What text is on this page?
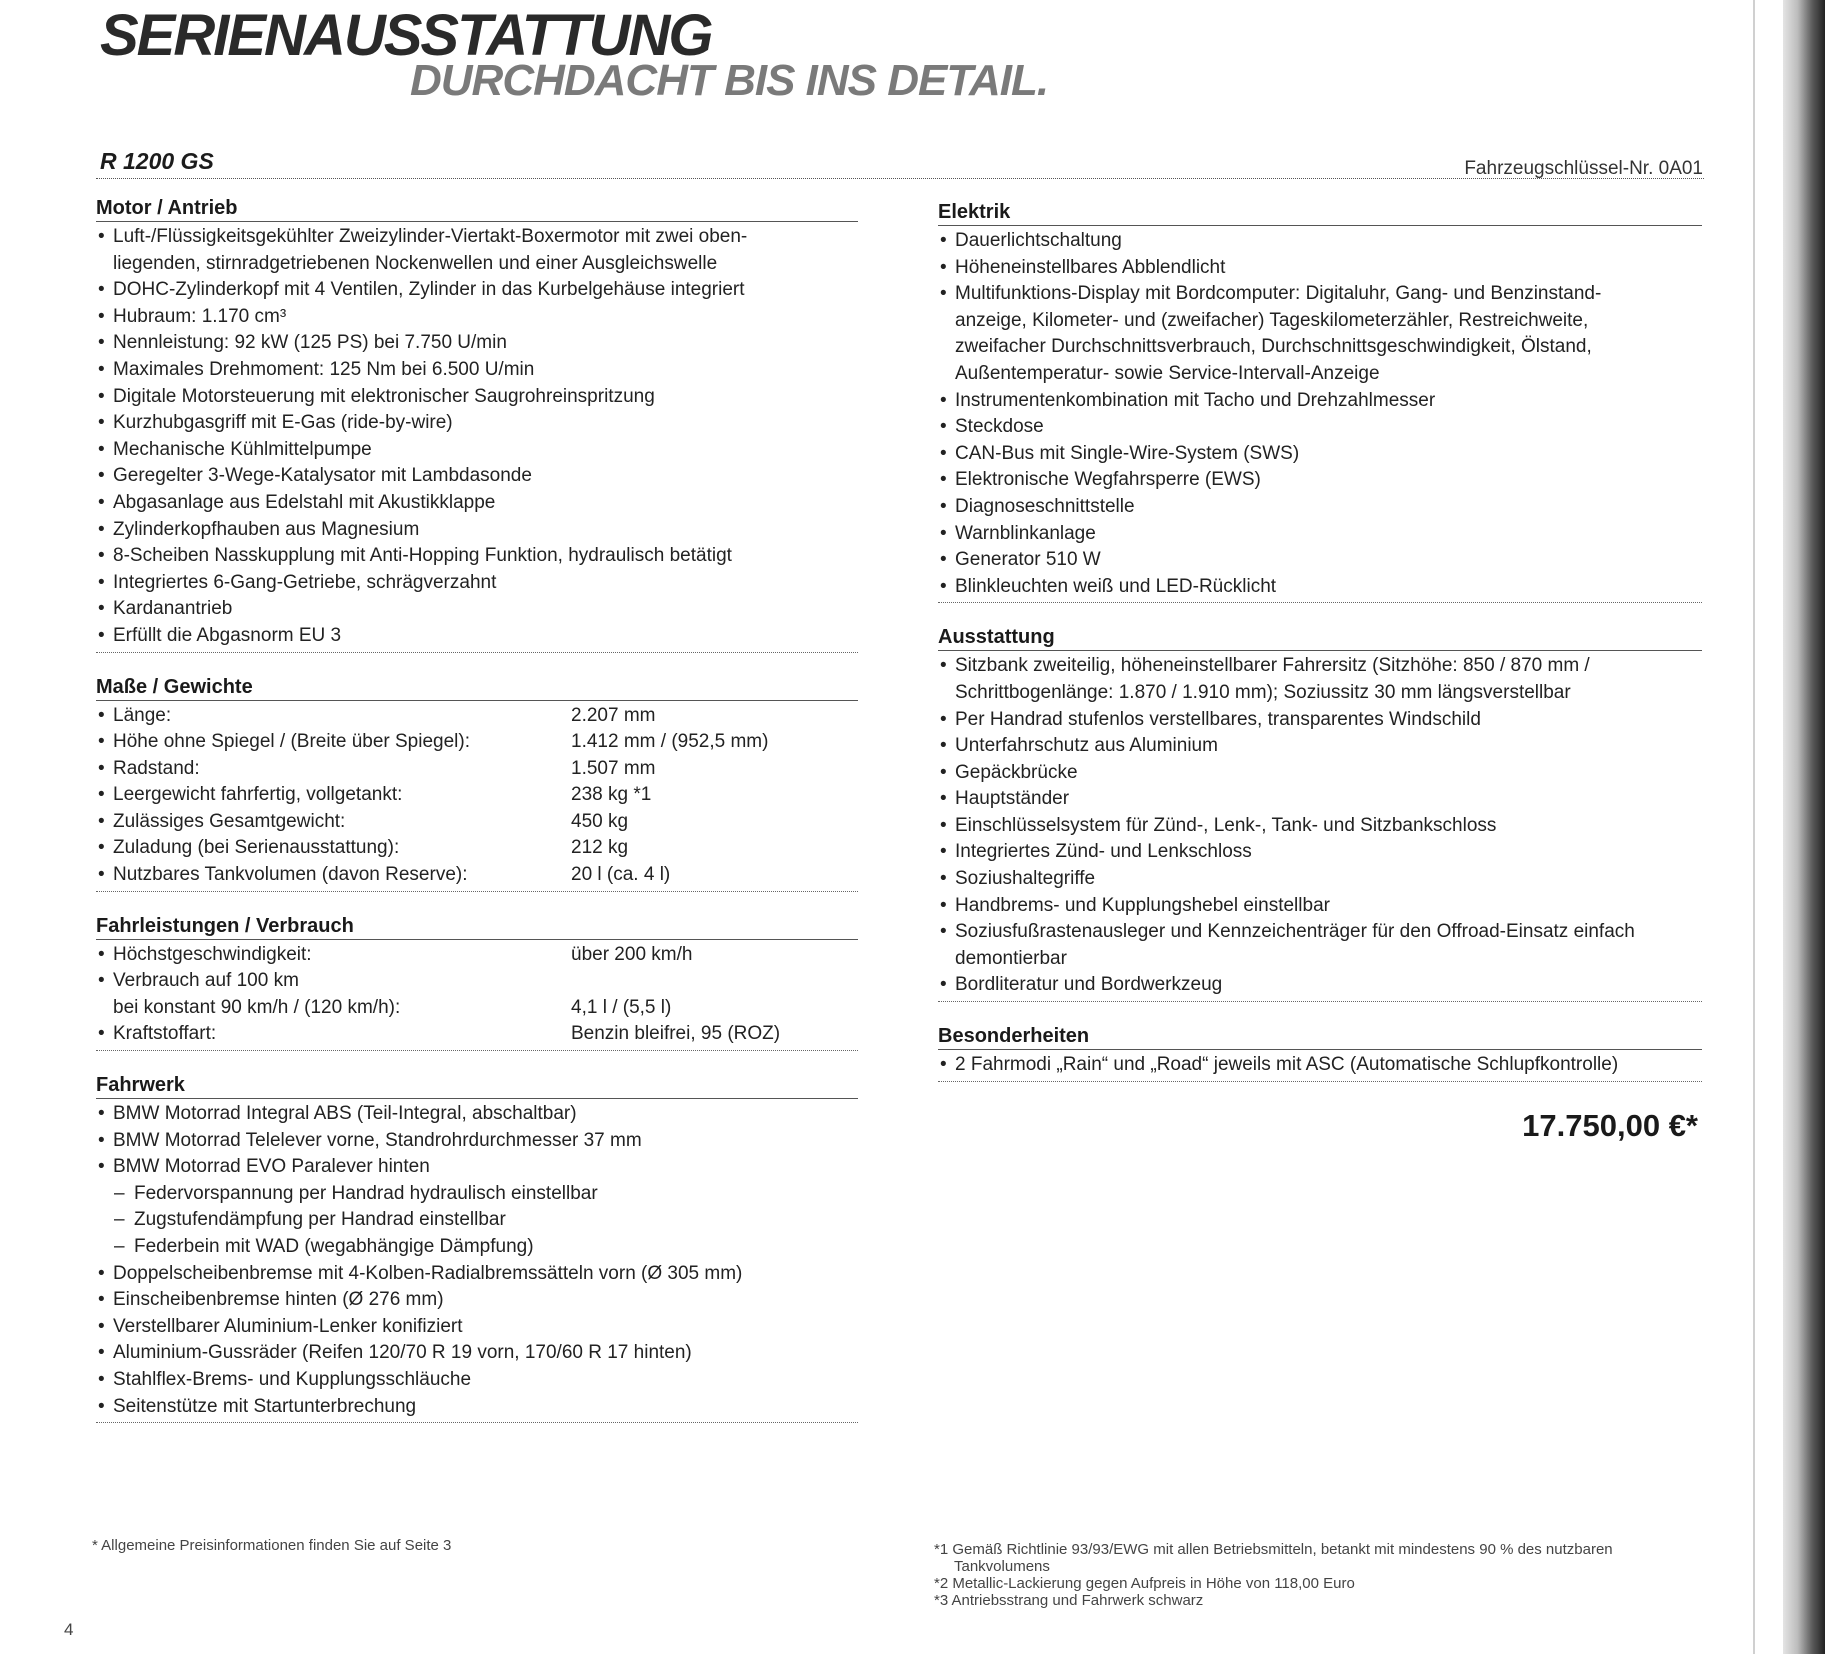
SERIENAUSSTATTUNG
DURCHDACHT BIS INS DETAIL.
R 1200 GS	Fahrzeugschlüssel-Nr. 0A01
Motor / Antrieb
• Luft-/Flüssigkeitsgekühlter Zweizylinder-Viertakt-Boxermotor mit zwei oben-
liegenden, stirnradgetriebenen Nockenwellen und einer Ausgleichswelle
• DOHC-Zylinderkopf mit 4 Ventilen, Zylinder in das Kurbelgehäuse integriert
• Hubraum: 1.170 cm³
• Nennleistung: 92 kW (125 PS) bei 7.750 U/min
• Maximales Drehmoment: 125 Nm bei 6.500 U/min
• Digitale Motorsteuerung mit elektronischer Saugrohreinspritzung
• Kurzhubgasgriff mit E-Gas (ride-by-wire)
• Mechanische Kühlmittelpumpe
• Geregelter 3-Wege-Katalysator mit Lambdasonde
• Abgasanlage aus Edelstahl mit Akustikklappe
• Zylinderkopfhauben aus Magnesium
• 8-Scheiben Nasskupplung mit Anti-Hopping Funktion, hydraulisch betätigt
• Integriertes 6-Gang-Getriebe, schrägverzahnt
• Kardanantrieb
• Erfüllt die Abgasnorm EU 3
Maße / Gewichte
• Länge:	2.207 mm
• Höhe ohne Spiegel / (Breite über Spiegel):	1.412 mm / (952,5 mm)
• Radstand:	1.507 mm
• Leergewicht fahrfertig, vollgetankt:	238 kg *1
• Zulässiges Gesamtgewicht:	450 kg
• Zuladung (bei Serienausstattung):	212 kg
• Nutzbares Tankvolumen (davon Reserve):	20 l (ca. 4 l)
Fahrleistungen / Verbrauch
• Höchstgeschwindigkeit:	über 200 km/h
• Verbrauch auf 100 km
bei konstant 90 km/h / (120 km/h):	4,1 l / (5,5 l)
• Kraftstoffart:	Benzin bleifrei, 95 (ROZ)
Fahrwerk
• BMW Motorrad Integral ABS (Teil-Integral, abschaltbar)
• BMW Motorrad Telelever vorne, Standrohrdurchmesser 37 mm
• BMW Motorrad EVO Paralever hinten
– Federvorspannung per Handrad hydraulisch einstellbar
– Zugstufendämpfung per Handrad einstellbar
– Federbein mit WAD (wegabhängige Dämpfung)
• Doppelscheibenbremse mit 4-Kolben-Radialbremssätteln vorn (Ø 305 mm)
• Einscheibenbremse hinten (Ø 276 mm)
• Verstellbarer Aluminium-Lenker konifiziert
• Aluminium-Gussräder (Reifen 120/70 R 19 vorn, 170/60 R 17 hinten)
• Stahlflex-Brems- und Kupplungsschläuche
• Seitenstütze mit Startunterbrechung
Elektrik
• Dauerlichtschaltung
• Höheneinstellbares Abblendlicht
• Multifunktions-Display mit Bordcomputer: Digitaluhr, Gang- und Benzinstand-
anzeige, Kilometer- und (zweifacher) Tageskilometerzähler, Restreichweite,
zweifacher Durchschnittsverbrauch, Durchschnittsgeschwindigkeit, Ölstand,
Außentemperatur- sowie Service-Intervall-Anzeige
• Instrumentenkombination mit Tacho und Drehzahlmesser
• Steckdose
• CAN-Bus mit Single-Wire-System (SWS)
• Elektronische Wegfahrsperre (EWS)
• Diagnoseschnittstelle
• Warnblinkanlage
• Generator 510 W
• Blinkleuchten weiß und LED-Rücklicht
Ausstattung
• Sitzbank zweiteilig, höheneinstellbarer Fahrersitz (Sitzhöhe: 850 / 870 mm /
Schrittbogenlänge: 1.870 / 1.910 mm); Soziussitz 30 mm längsverstellbar
• Per Handrad stufenlos verstellbares, transparentes Windschild
• Unterfahrschutz aus Aluminium
• Gepäckbrücke
• Hauptständer
• Einschlüsselsystem für Zünd-, Lenk-, Tank- und Sitzbankschloss
• Integriertes Zünd- und Lenkschloss
• Soziushaltegriffe
• Handbrems- und Kupplungshebel einstellbar
• Soziusfußrastenausleger und Kennzeichenträger für den Offroad-Einsatz einfach
demontierbar
• Bordliteratur und Bordwerkzeug
Besonderheiten
• 2 Fahrmodi „Rain“ und „Road“ jeweils mit ASC (Automatische Schlupfkontrolle)
17.750,00 €*
* Allgemeine Preisinformationen finden Sie auf Seite 3	*1 Gemäß Richtlinie 93/93/EWG mit allen Betriebsmitteln, betankt mit mindestens 90 % des nutzbaren Tankvolumens
*2 Metallic-Lackierung gegen Aufpreis in Höhe von 118,00 Euro
*3 Antriebsstrang und Fahrwerk schwarz
4
